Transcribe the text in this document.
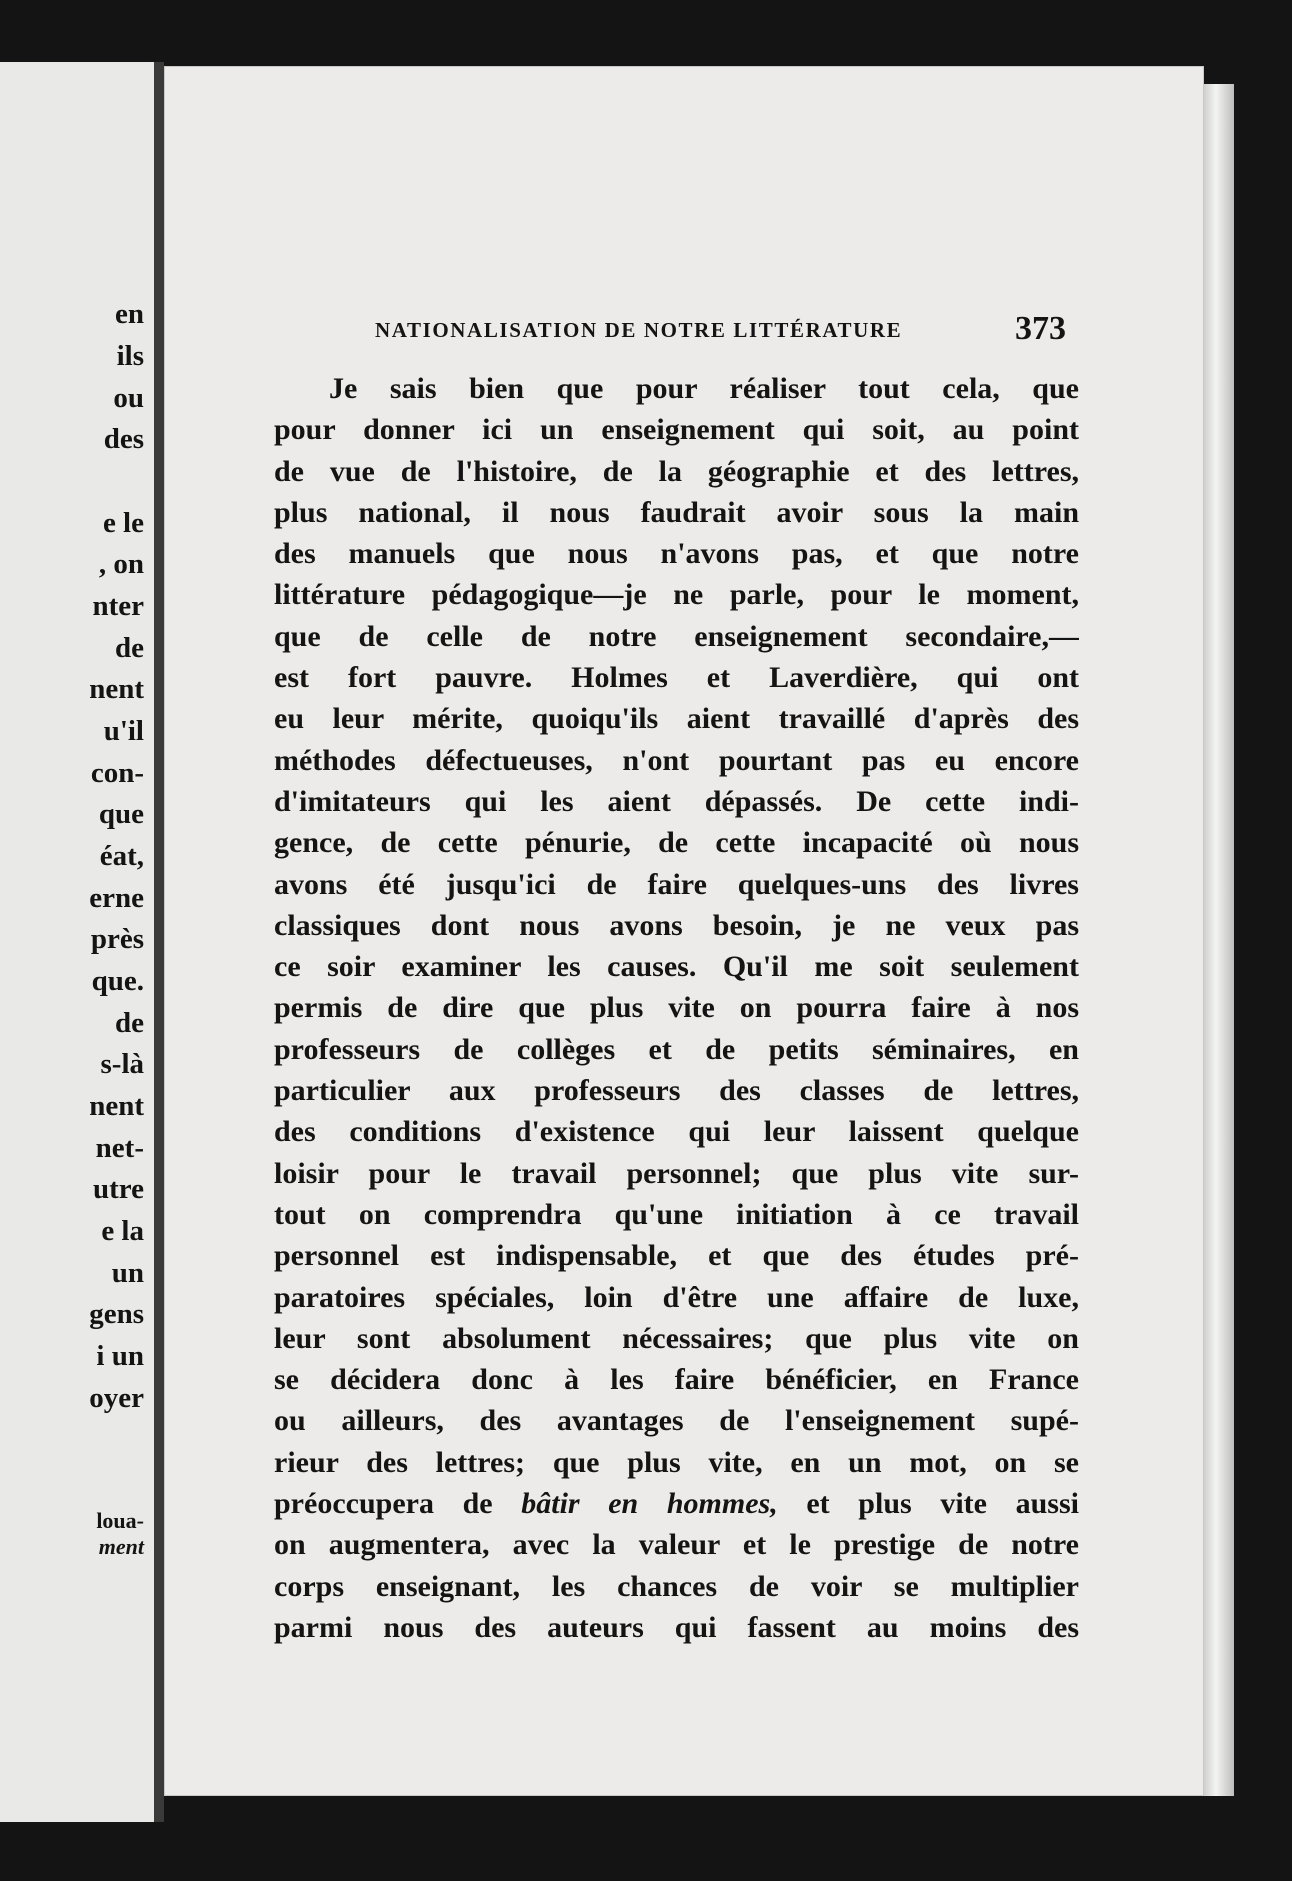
en

ils

ou

des

e le

, on

nter

de

nent

u'il

con-

que

éat,

erne

près

que.

de

s-là

nent

net-

utre

e la

un

gens

i un

oyer

loua-

ment

NATIONALISATION DE NOTRE LITTÉRATURE	373

Je sais bien que pour réaliser tout cela, que
pour donner ici un enseignement qui soit, au point
de vue de l'histoire, de la géographie et des lettres,
plus national, il nous faudrait avoir sous la main
des manuels que nous n'avons pas, et que notre
littérature pédagogique—je ne parle, pour le moment,
que de celle de notre enseignement secondaire,—
est fort pauvre. Holmes et Laverdière, qui ont
eu leur mérite, quoiqu'ils aient travaillé d'après des
méthodes défectueuses, n'ont pourtant pas eu encore
d'imitateurs qui les aient dépassés. De cette indi-
gence, de cette pénurie, de cette incapacité où nous
avons été jusqu'ici de faire quelques-uns des livres
classiques dont nous avons besoin, je ne veux pas
ce soir examiner les causes. Qu'il me soit seulement
permis de dire que plus vite on pourra faire à nos
professeurs de collèges et de petits séminaires, en
particulier aux professeurs des classes de lettres,
des conditions d'existence qui leur laissent quelque
loisir pour le travail personnel; que plus vite sur-
tout on comprendra qu'une initiation à ce travail
personnel est indispensable, et que des études pré-
paratoires spéciales, loin d'être une affaire de luxe,
leur sont absolument nécessaires; que plus vite on
se décidera donc à les faire bénéficier, en France
ou ailleurs, des avantages de l'enseignement supé-
rieur des lettres; que plus vite, en un mot, on se
préoccupera de bâtir en hommes, et plus vite aussi
on augmentera, avec la valeur et le prestige de notre
corps enseignant, les chances de voir se multiplier
parmi nous des auteurs qui fassent au moins des
